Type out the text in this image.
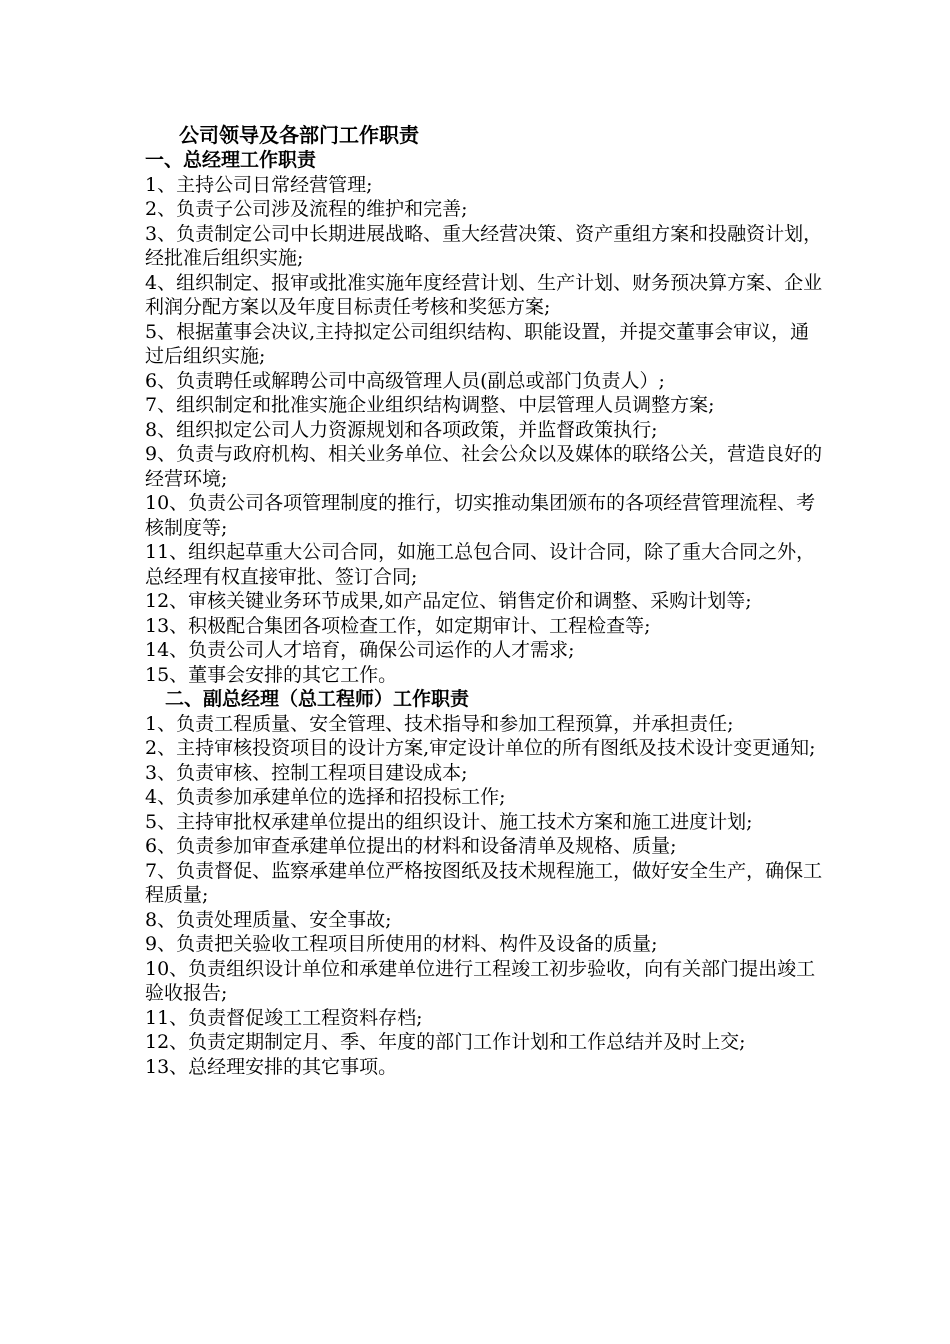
公司领导及各部门工作职责

一、总经理工作职责

1、主持公司日常经营管理;

2、负责子公司涉及流程的维护和完善;

3、负责制定公司中长期进展战略、重大经营决策、资产重组方案和投融资计划，经批准后组织实施;

4、组织制定、报审或批准实施年度经营计划、生产计划、财务预决算方案、企业利润分配方案以及年度目标责任考核和奖惩方案;

5、根据董事会决议,主持拟定公司组织结构、职能设置，并提交董事会审议，通过后组织实施;

6、负责聘任或解聘公司中高级管理人员(副总或部门负责人）;

7、组织制定和批准实施企业组织结构调整、中层管理人员调整方案;

8、组织拟定公司人力资源规划和各项政策，并监督政策执行;

9、负责与政府机构、相关业务单位、社会公众以及媒体的联络公关，营造良好的经营环境;

10、负责公司各项管理制度的推行，切实推动集团颁布的各项经营管理流程、考核制度等;

11、组织起草重大公司合同，如施工总包合同、设计合同，除了重大合同之外，总经理有权直接审批、签订合同;

12、审核关键业务环节成果,如产品定位、销售定价和调整、采购计划等;

13、积极配合集团各项检查工作，如定期审计、工程检查等;

14、负责公司人才培育，确保公司运作的人才需求;

15、董事会安排的其它工作。

二、副总经理（总工程师）工作职责

1、负责工程质量、安全管理、技术指导和参加工程预算，并承担责任;

2、主持审核投资项目的设计方案,审定设计单位的所有图纸及技术设计变更通知;

3、负责审核、控制工程项目建设成本;

4、负责参加承建单位的选择和招投标工作;

5、主持审批权承建单位提出的组织设计、施工技术方案和施工进度计划;

6、负责参加审查承建单位提出的材料和设备清单及规格、质量;

7、负责督促、监察承建单位严格按图纸及技术规程施工，做好安全生产，确保工程质量;

8、负责处理质量、安全事故;

9、负责把关验收工程项目所使用的材料、构件及设备的质量;

10、负责组织设计单位和承建单位进行工程竣工初步验收，向有关部门提出竣工验收报告;

11、负责督促竣工工程资料存档;

12、负责定期制定月、季、年度的部门工作计划和工作总结并及时上交;

13、总经理安排的其它事项。
